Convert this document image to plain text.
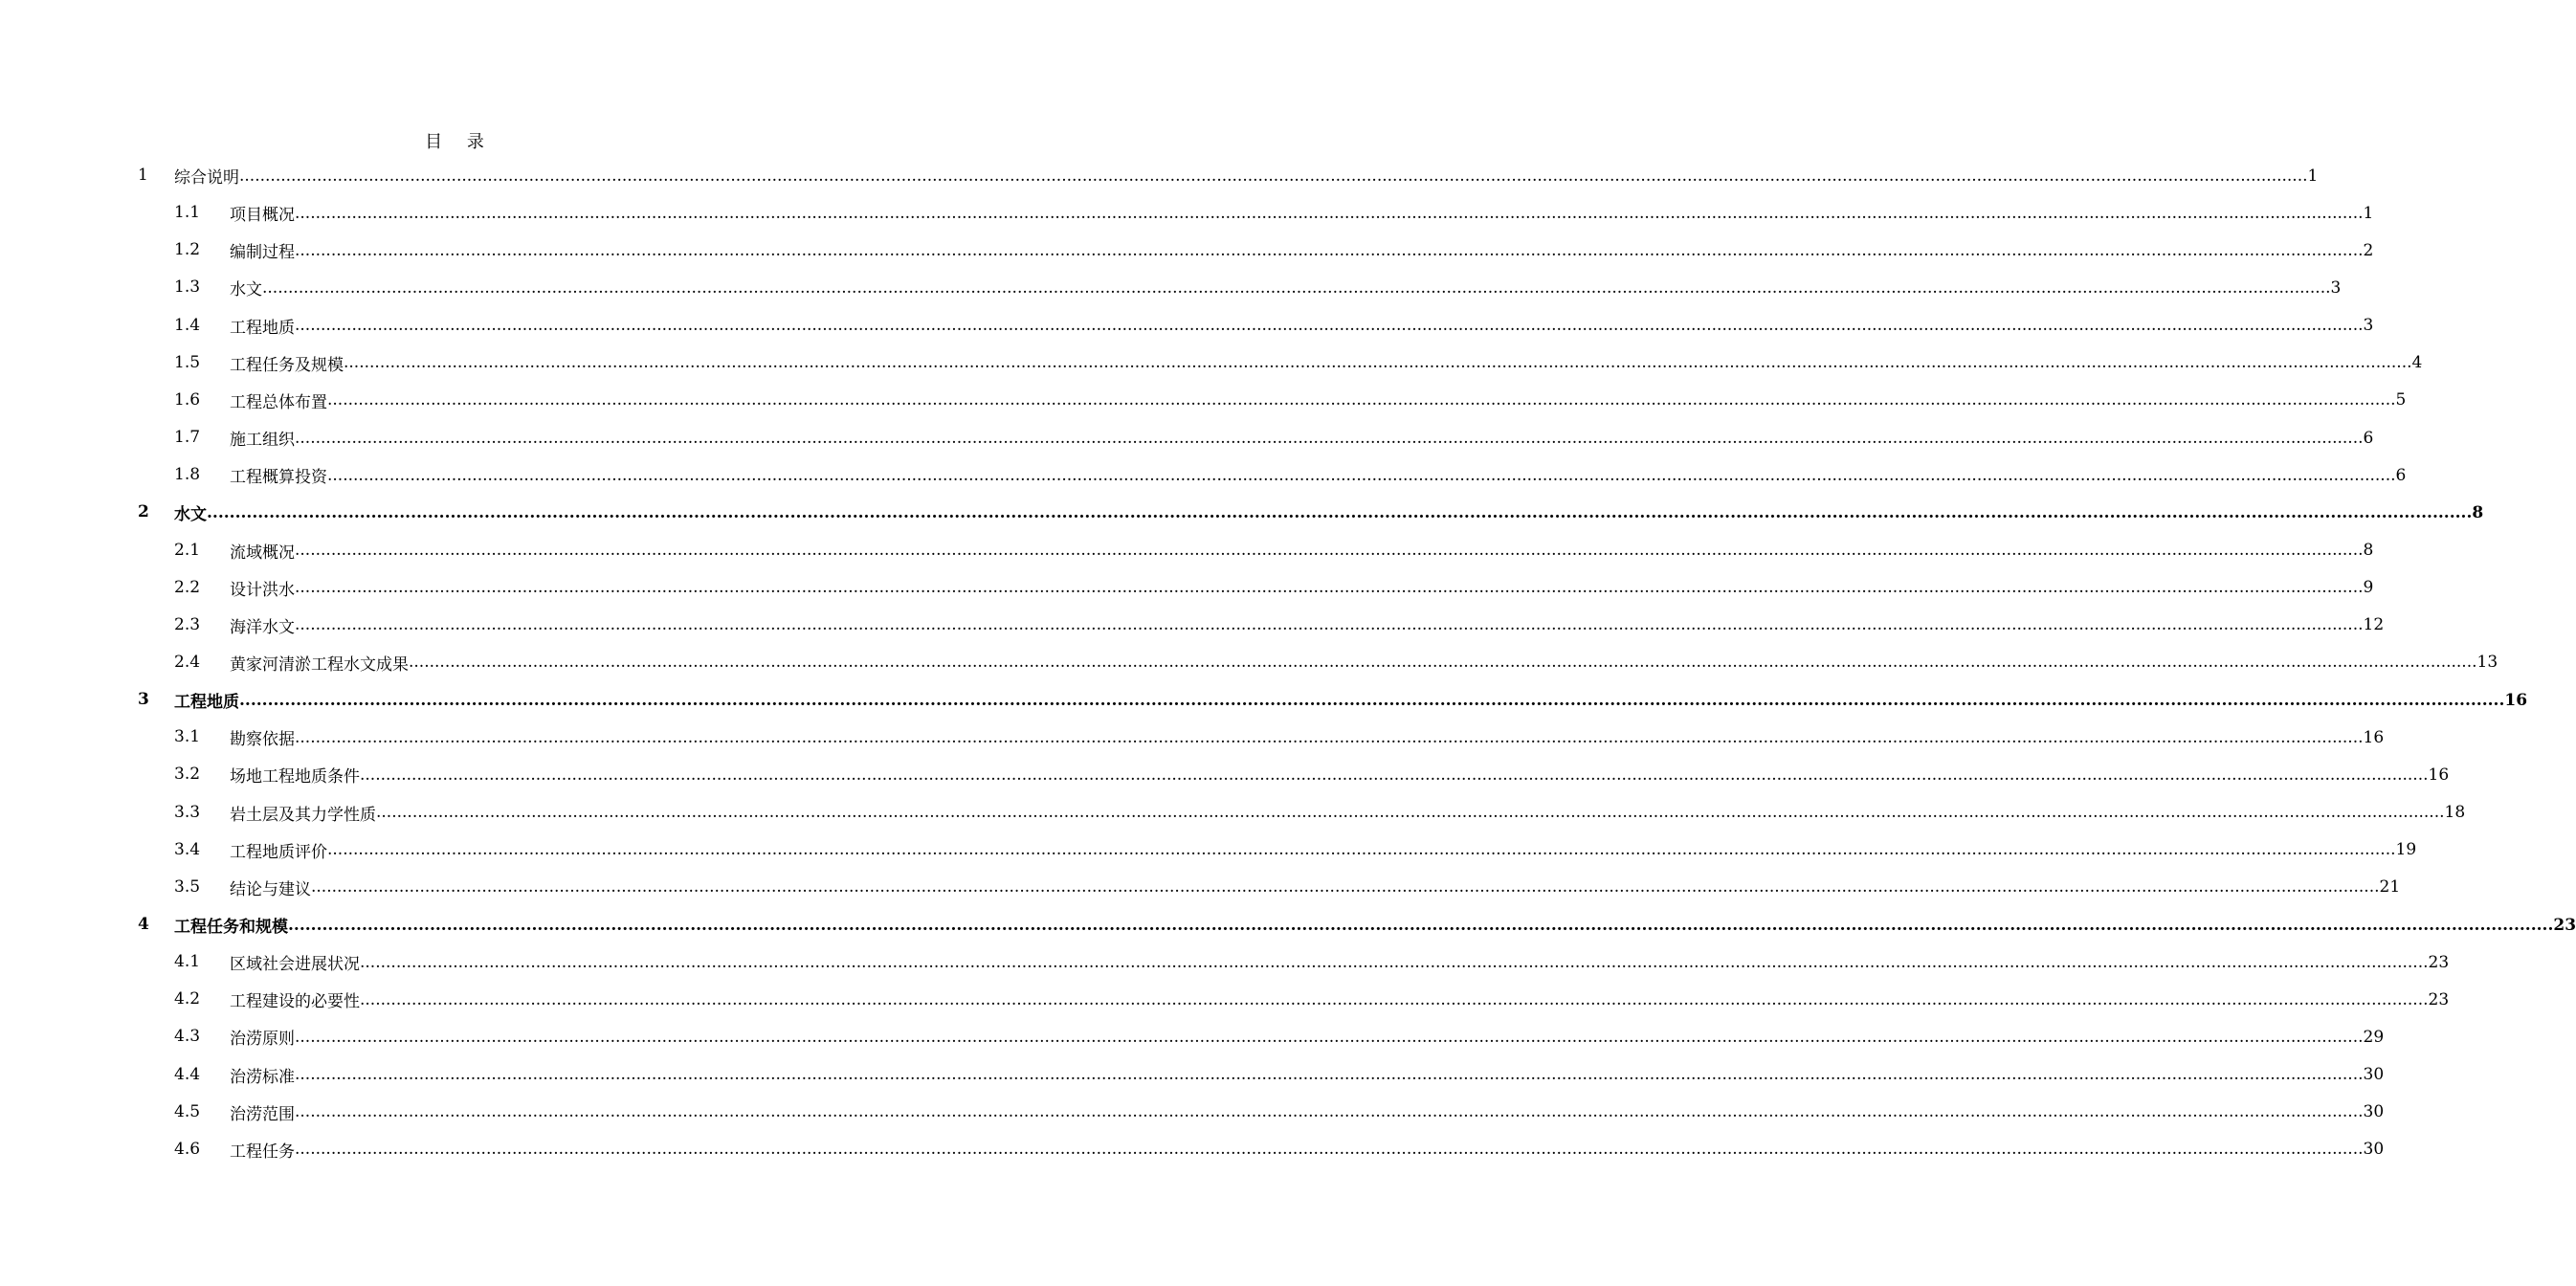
目 录
1 综合说明 ................................................................................................................................................................................................................................................................................................................................................................................................................ 1
1.1 项目概况 ................................................................................................................................................................................................................................................................................................................................................................................................................ 1
1.2 编制过程 ................................................................................................................................................................................................................................................................................................................................................................................................................ 2
1.3 水文 ................................................................................................................................................................................................................................................................................................................................................................................................................ 3
1.4 工程地质 ................................................................................................................................................................................................................................................................................................................................................................................................................ 3
1.5 工程任务及规模 ................................................................................................................................................................................................................................................................................................................................................................................................................ 4
1.6 工程总体布置 ................................................................................................................................................................................................................................................................................................................................................................................................................ 5
1.7 施工组织 ................................................................................................................................................................................................................................................................................................................................................................................................................ 6
1.8 工程概算投资 ................................................................................................................................................................................................................................................................................................................................................................................................................ 6
2 水文 ................................................................................................................................................................................................................................................................................................................................................................................................................ 8
2.1 流域概况 ................................................................................................................................................................................................................................................................................................................................................................................................................ 8
2.2 设计洪水 ................................................................................................................................................................................................................................................................................................................................................................................................................ 9
2.3 海洋水文 ................................................................................................................................................................................................................................................................................................................................................................................................................ 12
2.4 黄家河清淤工程水文成果 ................................................................................................................................................................................................................................................................................................................................................................................................................ 13
3 工程地质 ................................................................................................................................................................................................................................................................................................................................................................................................................ 16
3.1 勘察依据 ................................................................................................................................................................................................................................................................................................................................................................................................................ 16
3.2 场地工程地质条件 ................................................................................................................................................................................................................................................................................................................................................................................................................ 16
3.3 岩土层及其力学性质 ................................................................................................................................................................................................................................................................................................................................................................................................................ 18
3.4 工程地质评价 ................................................................................................................................................................................................................................................................................................................................................................................................................ 19
3.5 结论与建议 ................................................................................................................................................................................................................................................................................................................................................................................................................ 21
4 工程任务和规模 ................................................................................................................................................................................................................................................................................................................................................................................................................ 23
4.1 区域社会进展状况 ................................................................................................................................................................................................................................................................................................................................................................................................................ 23
4.2 工程建设的必要性 ................................................................................................................................................................................................................................................................................................................................................................................................................ 23
4.3 治涝原则 ................................................................................................................................................................................................................................................................................................................................................................................................................ 29
4.4 治涝标准 ................................................................................................................................................................................................................................................................................................................................................................................................................ 30
4.5 治涝范围 ................................................................................................................................................................................................................................................................................................................................................................................................................ 30
4.6 工程任务 ................................................................................................................................................................................................................................................................................................................................................................................................................ 30
